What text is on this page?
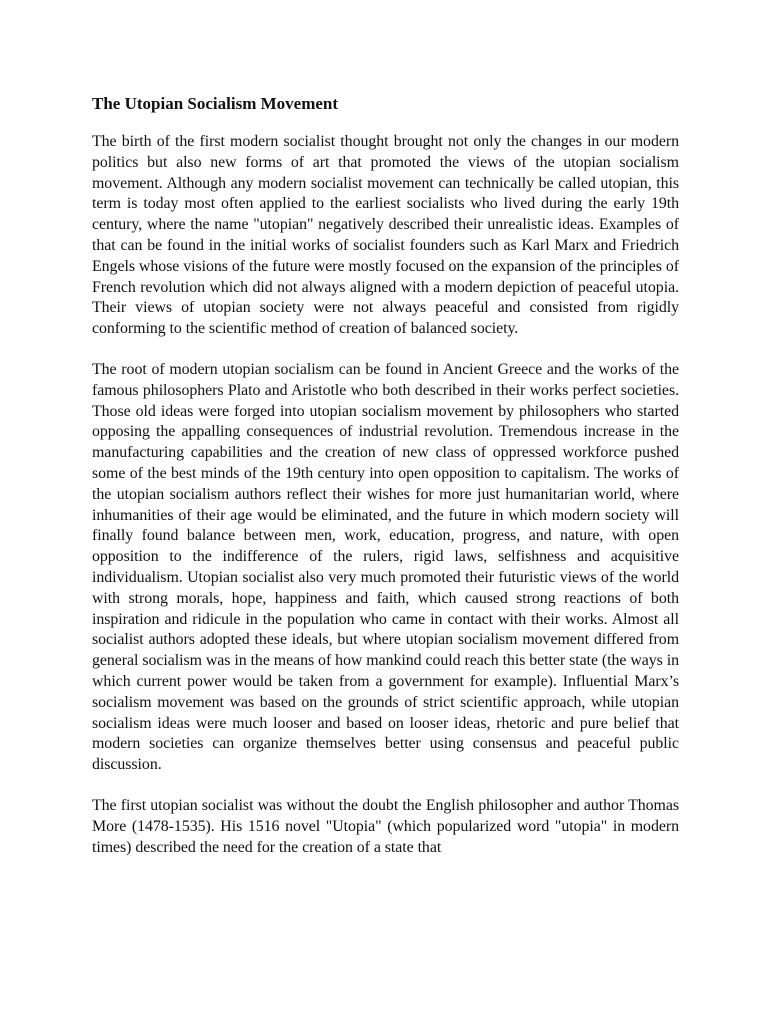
The Utopian Socialism Movement

The birth of the first modern socialist thought brought not only the changes in our modern politics but also new forms of art that promoted the views of the utopian socialism movement. Although any modern socialist movement can technically be called utopian, this term is today most often applied to the earliest socialists who lived during the early 19th century, where the name "utopian" negatively described their unrealistic ideas. Examples of that can be found in the initial works of socialist founders such as Karl Marx and Friedrich Engels whose visions of the future were mostly focused on the expansion of the principles of French revolution which did not always aligned with a modern depiction of peaceful utopia. Their views of utopian society were not always peaceful and consisted from rigidly conforming to the scientific method of creation of balanced society.

The root of modern utopian socialism can be found in Ancient Greece and the works of the famous philosophers Plato and Aristotle who both described in their works perfect societies. Those old ideas were forged into utopian socialism movement by philosophers who started opposing the appalling consequences of industrial revolution. Tremendous increase in the manufacturing capabilities and the creation of new class of oppressed workforce pushed some of the best minds of the 19th century into open opposition to capitalism. The works of the utopian socialism authors reflect their wishes for more just humanitarian world, where inhumanities of their age would be eliminated, and the future in which modern society will finally found balance between men, work, education, progress, and nature, with open opposition to the indifference of the rulers, rigid laws, selfishness and acquisitive individualism. Utopian socialist also very much promoted their futuristic views of the world with strong morals, hope, happiness and faith, which caused strong reactions of both inspiration and ridicule in the population who came in contact with their works. Almost all socialist authors adopted these ideals, but where utopian socialism movement differed from general socialism was in the means of how mankind could reach this better state (the ways in which current power would be taken from a government for example). Influential Marx’s socialism movement was based on the grounds of strict scientific approach, while utopian socialism ideas were much looser and based on looser ideas, rhetoric and pure belief that modern societies can organize themselves better using consensus and peaceful public discussion.

The first utopian socialist was without the doubt the English philosopher and author Thomas More (1478-1535). His 1516 novel "Utopia" (which popularized word "utopia" in modern times) described the need for the creation of a state that
